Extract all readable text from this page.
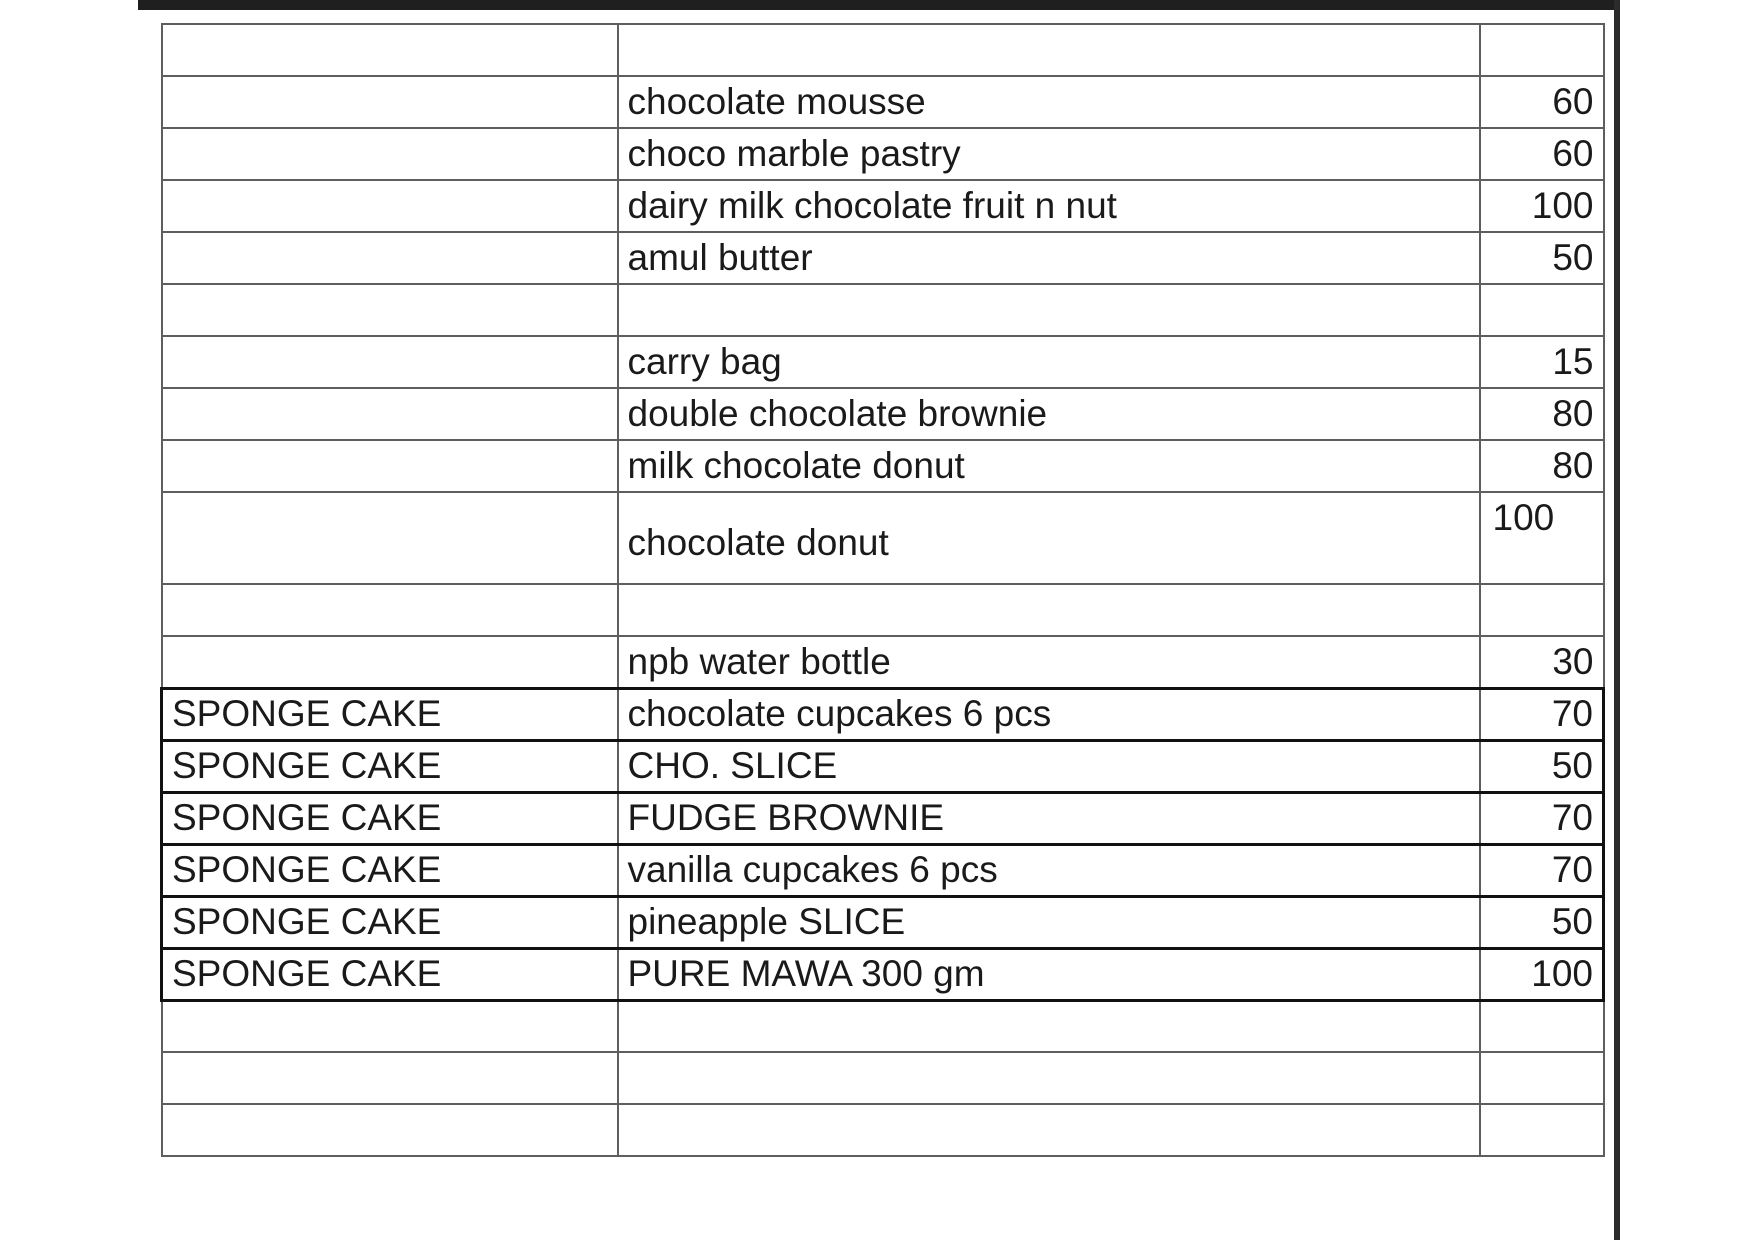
	chocolate mousse	60
	choco marble pastry	60
	dairy milk chocolate fruit n nut	100
	amul butter	50

	carry bag	15
	double chocolate brownie	80
	milk chocolate donut	80
	chocolate donut	100

	npb water bottle	30
SPONGE CAKE	chocolate cupcakes 6 pcs	70
SPONGE CAKE	CHO. SLICE	50
SPONGE CAKE	FUDGE BROWNIE	70
SPONGE CAKE	vanilla cupcakes 6 pcs	70
SPONGE CAKE	pineapple SLICE	50
SPONGE CAKE	PURE MAWA 300 gm	100
